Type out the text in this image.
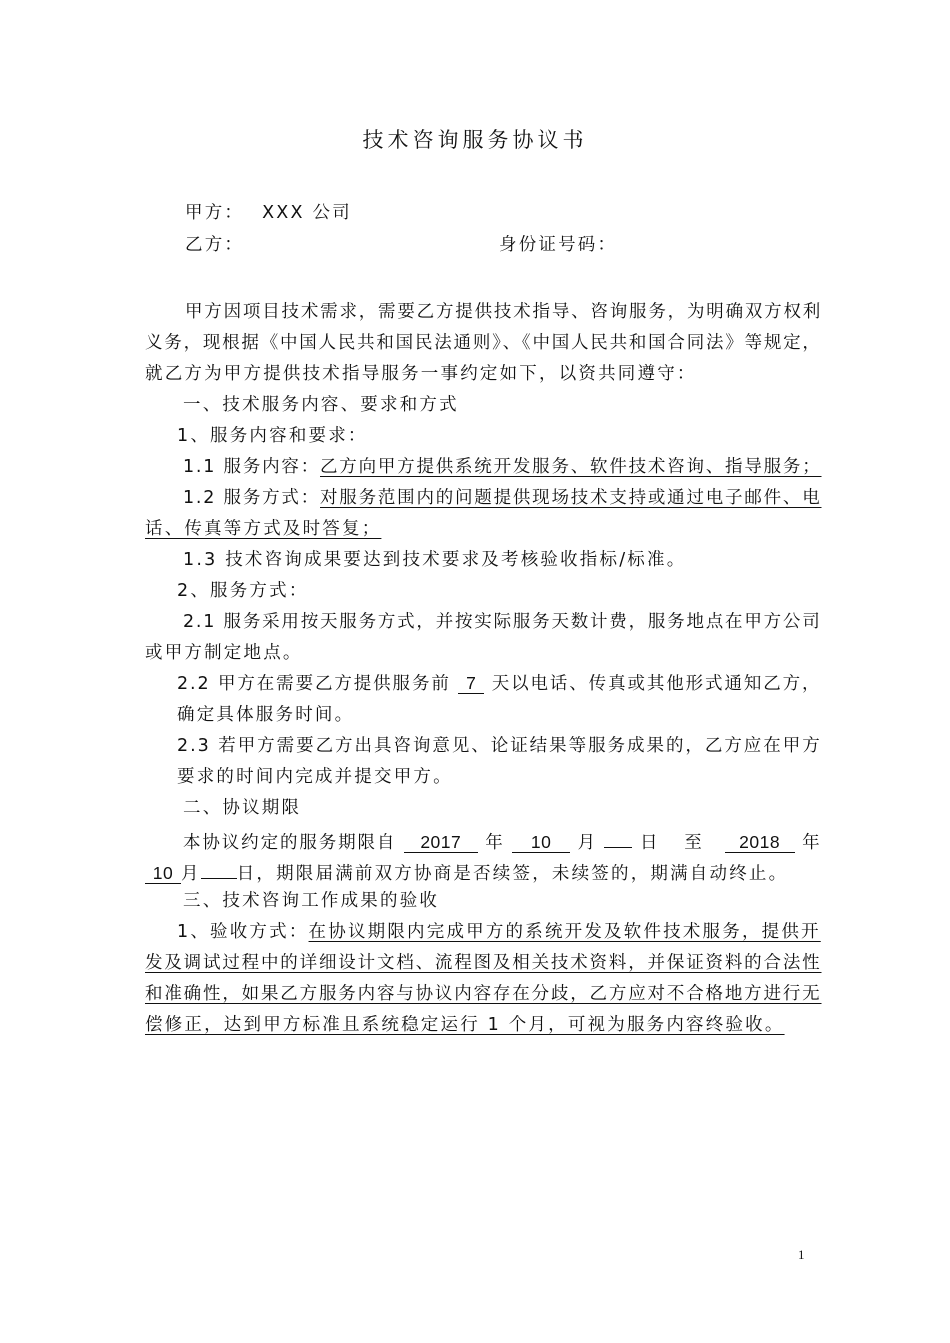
技术咨询服务协议书
甲方： XXX 公司
乙方：	身份证号码：
甲方因项目技术需求，需要乙方提供技术指导、咨询服务，为明确双方权利
义务，现根据《中国人民共和国民法通则》、《中国人民共和国合同法》等规定，
就乙方为甲方提供技术指导服务一事约定如下，以资共同遵守：
一、技术服务内容、要求和方式
1、服务内容和要求：
1.1 服务内容：乙方向甲方提供系统开发服务、软件技术咨询、指导服务；
1.2 服务方式：对服务范围内的问题提供现场技术支持或通过电子邮件、电
话、传真等方式及时答复；
1.3 技术咨询成果要达到技术要求及考核验收指标/标准。
2、服务方式：
2.1 服务采用按天服务方式，并按实际服务天数计费，服务地点在甲方公司
或甲方制定地点。
2.2 甲方在需要乙方提供服务前 7 天以电话、传真或其他形式通知乙方，
确定具体服务时间。
2.3 若甲方需要乙方出具咨询意见、论证结果等服务成果的，乙方应在甲方
要求的时间内完成并提交甲方。
二、协议期限
本协议约定的服务期限自 2017 年 10 月 日 至 2018 年
10 月 日，期限届满前双方协商是否续签，未续签的，期满自动终止。
三、技术咨询工作成果的验收
1、验收方式：在协议期限内完成甲方的系统开发及软件技术服务，提供开
发及调试过程中的详细设计文档、流程图及相关技术资料，并保证资料的合法性
和准确性，如果乙方服务内容与协议内容存在分歧，乙方应对不合格地方进行无
偿修正，达到甲方标准且系统稳定运行 1 个月，可视为服务内容终验收。
1
